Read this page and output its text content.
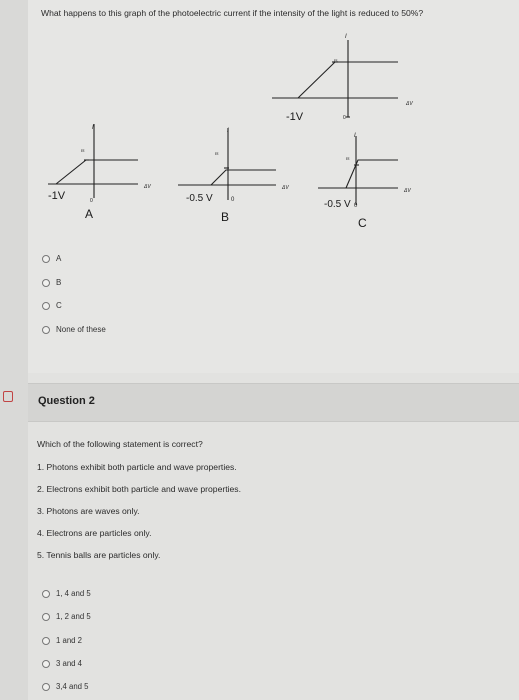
What happens to this graph of the photoelectric current if the intensity of the light is reduced to 50%?
-1V	0
I
Is
ΔV
-1V	0
I
Is
ΔV
A
-0.5 V	0
I
Is
ΔV
B
-0.5 V 0
I
Is
ΔV
C
A
B
C
None of these
Question 2
Which of the following statement is correct?
1. Photons exhibit both particle and wave properties.
2. Electrons exhibit both particle and wave properties.
3. Photons are waves only.
4. Electrons are particles only.
5. Tennis balls are particles only.
1, 4 and 5
1, 2 and 5
1 and 2
3 and 4
3,4 and 5
